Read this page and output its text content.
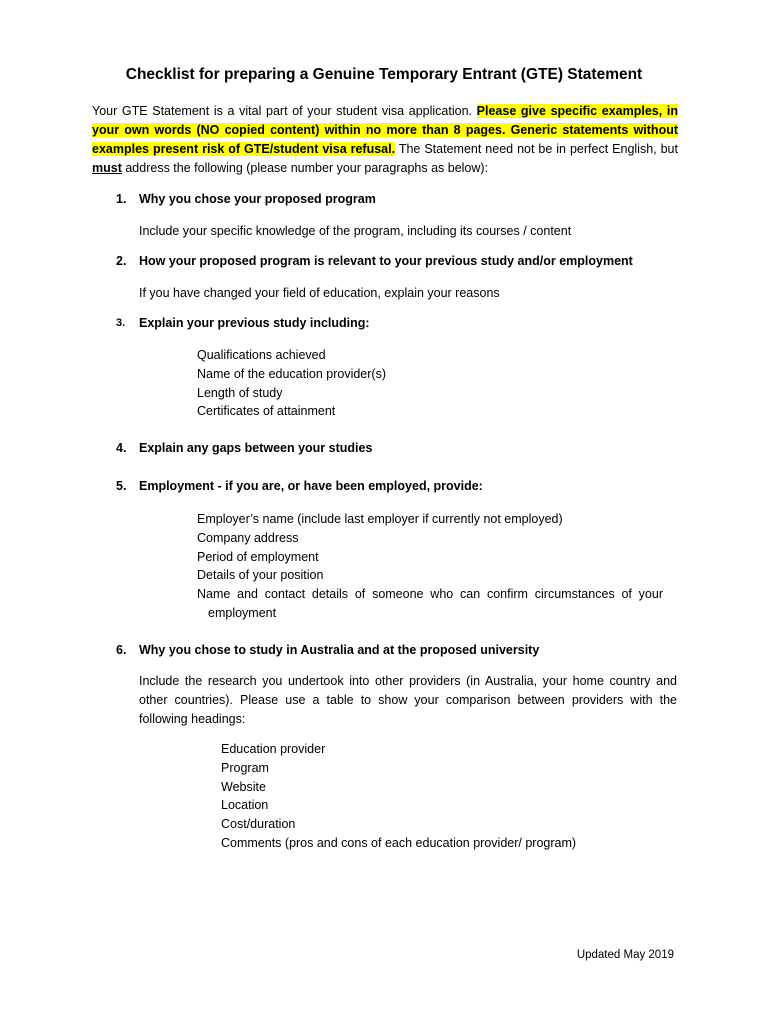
Checklist for preparing a Genuine Temporary Entrant (GTE) Statement

Your GTE Statement is a vital part of your student visa application. Please give specific examples, in your own words (NO copied content) within no more than 8 pages. Generic statements without examples present risk of GTE/student visa refusal. The Statement need not be in perfect English, but must address the following (please number your paragraphs as below):

1. Why you chose your proposed program

Include your specific knowledge of the program, including its courses / content

2. How your proposed program is relevant to your previous study and/or employment

If you have changed your field of education, explain your reasons

3. Explain your previous study including:
Qualifications achieved
Name of the education provider(s)
Length of study
Certificates of attainment
4. Explain any gaps between your studies
5. Employment - if you are, or have been employed, provide:
Employer’s name (include last employer if currently not employed)
Company address
Period of employment
Details of your position
Name and contact details of someone who can confirm circumstances of your
employment
6. Why you chose to study in Australia and at the proposed university

Include the research you undertook into other providers (in Australia, your home country and other countries). Please use a table to show your comparison between providers with the following headings:

Education provider
Program
Website
Location
Cost/duration
Comments (pros and cons of each education provider/ program)

Updated May 2019
